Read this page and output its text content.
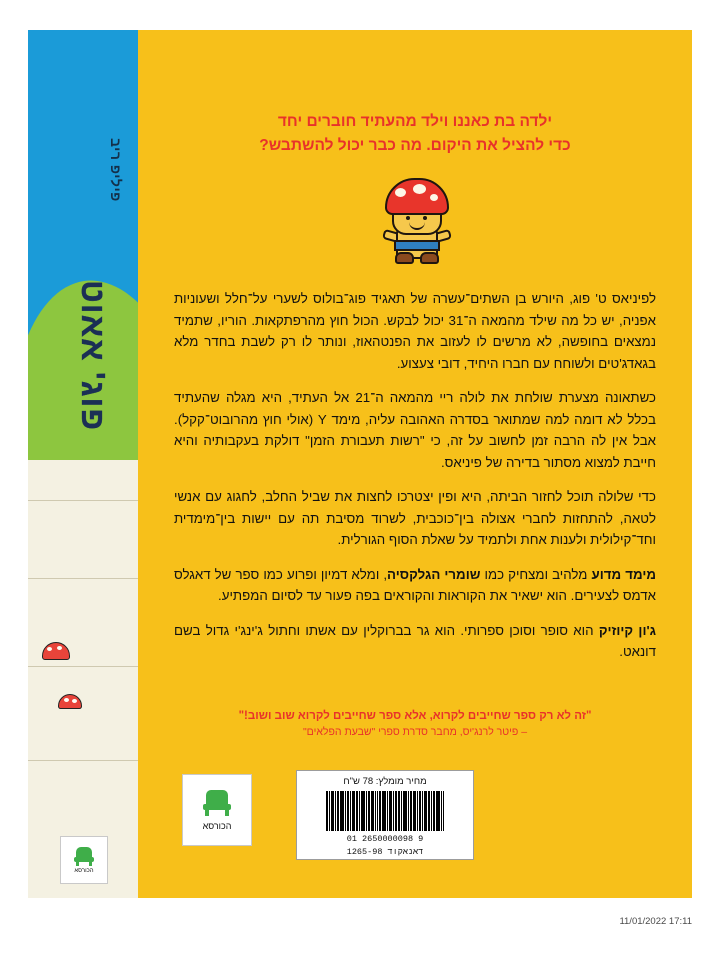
פיליפ ריב
פוג' אאוט
הכורסא
ילדה בת כאננו וילד מהעתיד חוברים יחד
כדי להציל את היקום. מה כבר יכול להשתבש?

לפיניאס ט' פוג, היורש בן השתים־עשרה של תאגיד פוג־בולוס לשערי על־חלל ושעוניות אפניה, יש כל מה שילד מהמאה ה־31 יכול לבקש. הכול חוץ מהרפתקאות. הוריו, שתמיד נמצאים בחופשה, לא מרשים לו לעזוב את הפנטהאוז, ונותר לו רק לשבת בחדר מלא בגאדג'טים ולשוחח עם חברו היחיד, דובי צעצוע.

כשתאונה מצערת שולחת את לולה ריי מהמאה ה־21 אל העתיד, היא מגלה שהעתיד בכלל לא דומה למה שמתואר בסדרה האהובה עליה, מימד Y (אולי חוץ מהרובוט־קקל). אבל אין לה הרבה זמן לחשוב על זה, כי "רשות תעבורת הזמן" דולקת בעקבותיה והיא חייבת למצוא מסתור בדירה של פיניאס.

כדי שלולה תוכל לחזור הביתה, היא ופין יצטרכו לחצות את שביל החלב, לחגוג עם אנשי לטאה, להתחזות לחברי אצולה בין־כוכבית, לשרוד מסיבת תה עם יישות בין־מימדית וחד־קילולית ולענות אחת ולתמיד על שאלת הסוף הגורלית.

מימד מדוע מלהיב ומצחיק כמו שומרי הגלקסיה, ומלא דמיון ופרוע כמו ספר של דאגלס אדמס לצעירים. הוא ישאיר את הקוראות והקוראים בפה פעור עד לסיום המפתיע.

ג'ון קיוזיק הוא סופר וסוכן ספרותי. הוא גר בברוקלין עם אשתו וחתול ג'ינג'י גדול בשם דונאט.

"זה לא רק ספר שחייבים לקרוא, אלא ספר שחייבים לקרוא שוב ושוב!"
– פיטר לרנג'יס, מחבר סדרת ספרי "שבעת הפלאים"
מחיר מומלץ: 78 ש"ח
01 2650000098 9
1265-98 דאנאקוד
הכורסא
11/01/2022 17:11
